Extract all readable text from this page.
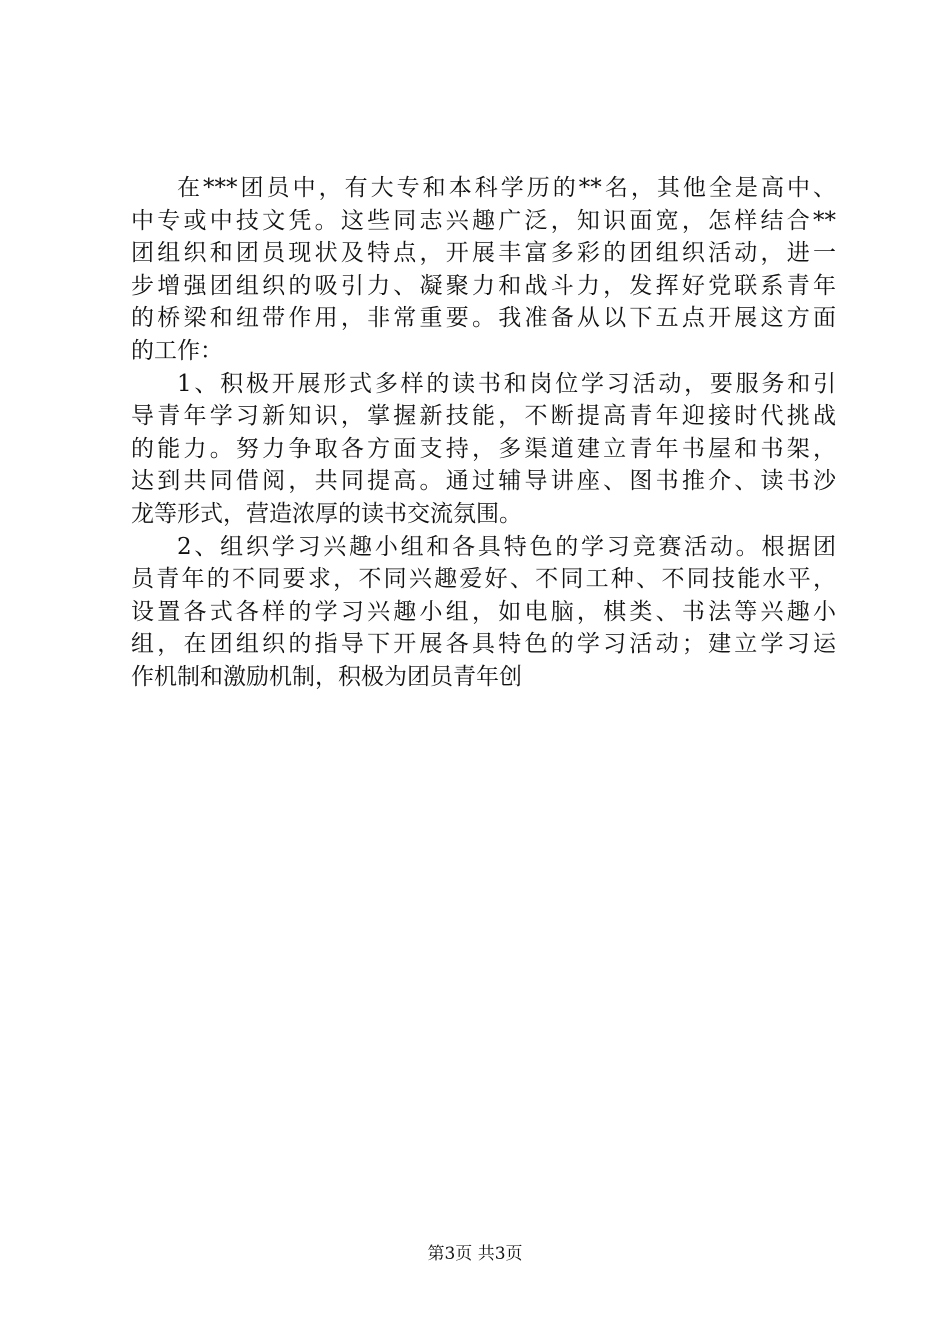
在***团员中，有大专和本科学历的**名，其他全是高中、
中专或中技文凭。这些同志兴趣广泛，知识面宽，怎样结合**
团组织和团员现状及特点，开展丰富多彩的团组织活动，进一
步增强团组织的吸引力、凝聚力和战斗力，发挥好党联系青年
的桥梁和纽带作用，非常重要。我准备从以下五点开展这方面
的工作：
1、积极开展形式多样的读书和岗位学习活动，要服务和引
导青年学习新知识，掌握新技能，不断提高青年迎接时代挑战
的能力。努力争取各方面支持，多渠道建立青年书屋和书架，
达到共同借阅，共同提高。通过辅导讲座、图书推介、读书沙
龙等形式，营造浓厚的读书交流氛围。
2、组织学习兴趣小组和各具特色的学习竞赛活动。根据团
员青年的不同要求，不同兴趣爱好、不同工种、不同技能水平，
设置各式各样的学习兴趣小组，如电脑，棋类、书法等兴趣小
组，在团组织的指导下开展各具特色的学习活动；建立学习运
作机制和激励机制，积极为团员青年创
第3页 共3页
